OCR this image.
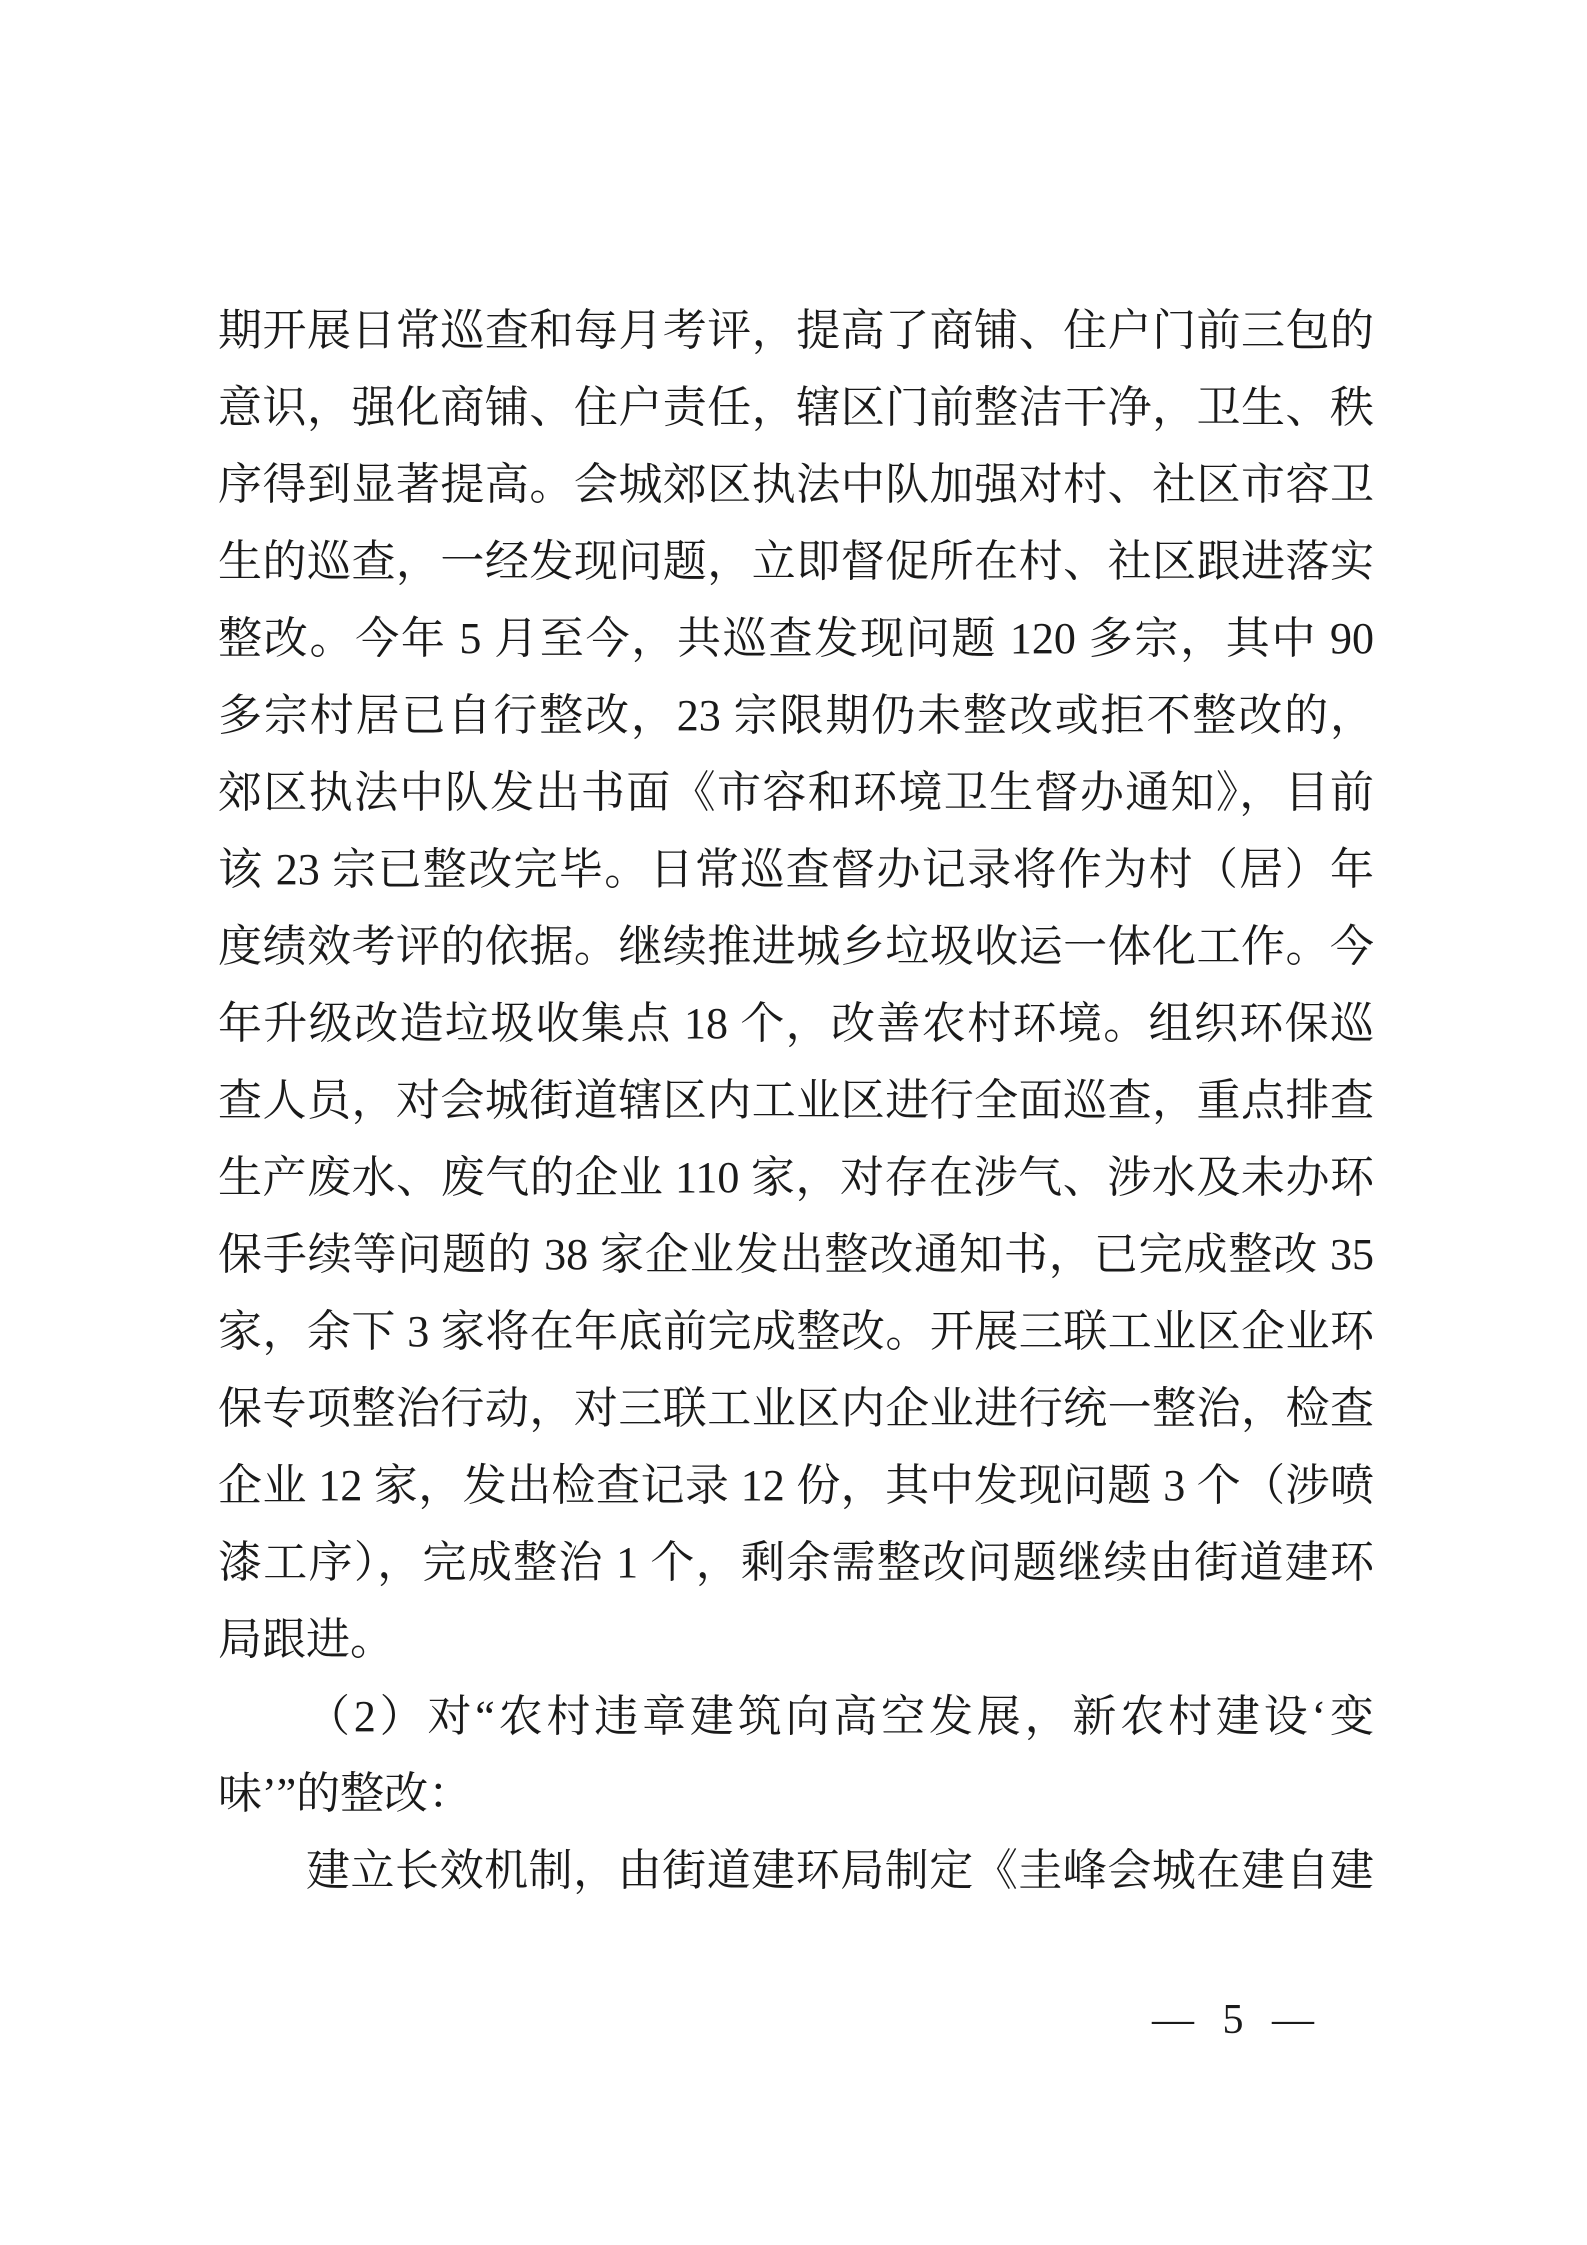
期开展日常巡查和每月考评，提高了商铺、住户门前三包的
意识，强化商铺、住户责任，辖区门前整洁干净，卫生、秩
序得到显著提高。会城郊区执法中队加强对村、社区市容卫
生的巡查，一经发现问题，立即督促所在村、社区跟进落实
整改。今年 5 月至今，共巡查发现问题 120 多宗，其中 90
多宗村居已自行整改，23 宗限期仍未整改或拒不整改的，
郊区执法中队发出书面《市容和环境卫生督办通知》，目前
该 23 宗已整改完毕。日常巡查督办记录将作为村（居）年
度绩效考评的依据。继续推进城乡垃圾收运一体化工作。今
年升级改造垃圾收集点 18 个，改善农村环境。组织环保巡
查人员，对会城街道辖区内工业区进行全面巡查，重点排查
生产废水、废气的企业 110 家，对存在涉气、涉水及未办环
保手续等问题的 38 家企业发出整改通知书，已完成整改 35
家，余下 3 家将在年底前完成整改。开展三联工业区企业环
保专项整治行动，对三联工业区内企业进行统一整治，检查
企业 12 家，发出检查记录 12 份，其中发现问题 3 个（涉喷
漆工序），完成整治 1 个，剩余需整改问题继续由街道建环
局跟进。
（2）对“农村违章建筑向高空发展，新农村建设‘变
味’”的整改：
建立长效机制，由街道建环局制定《圭峰会城在建自建
— 5 —
